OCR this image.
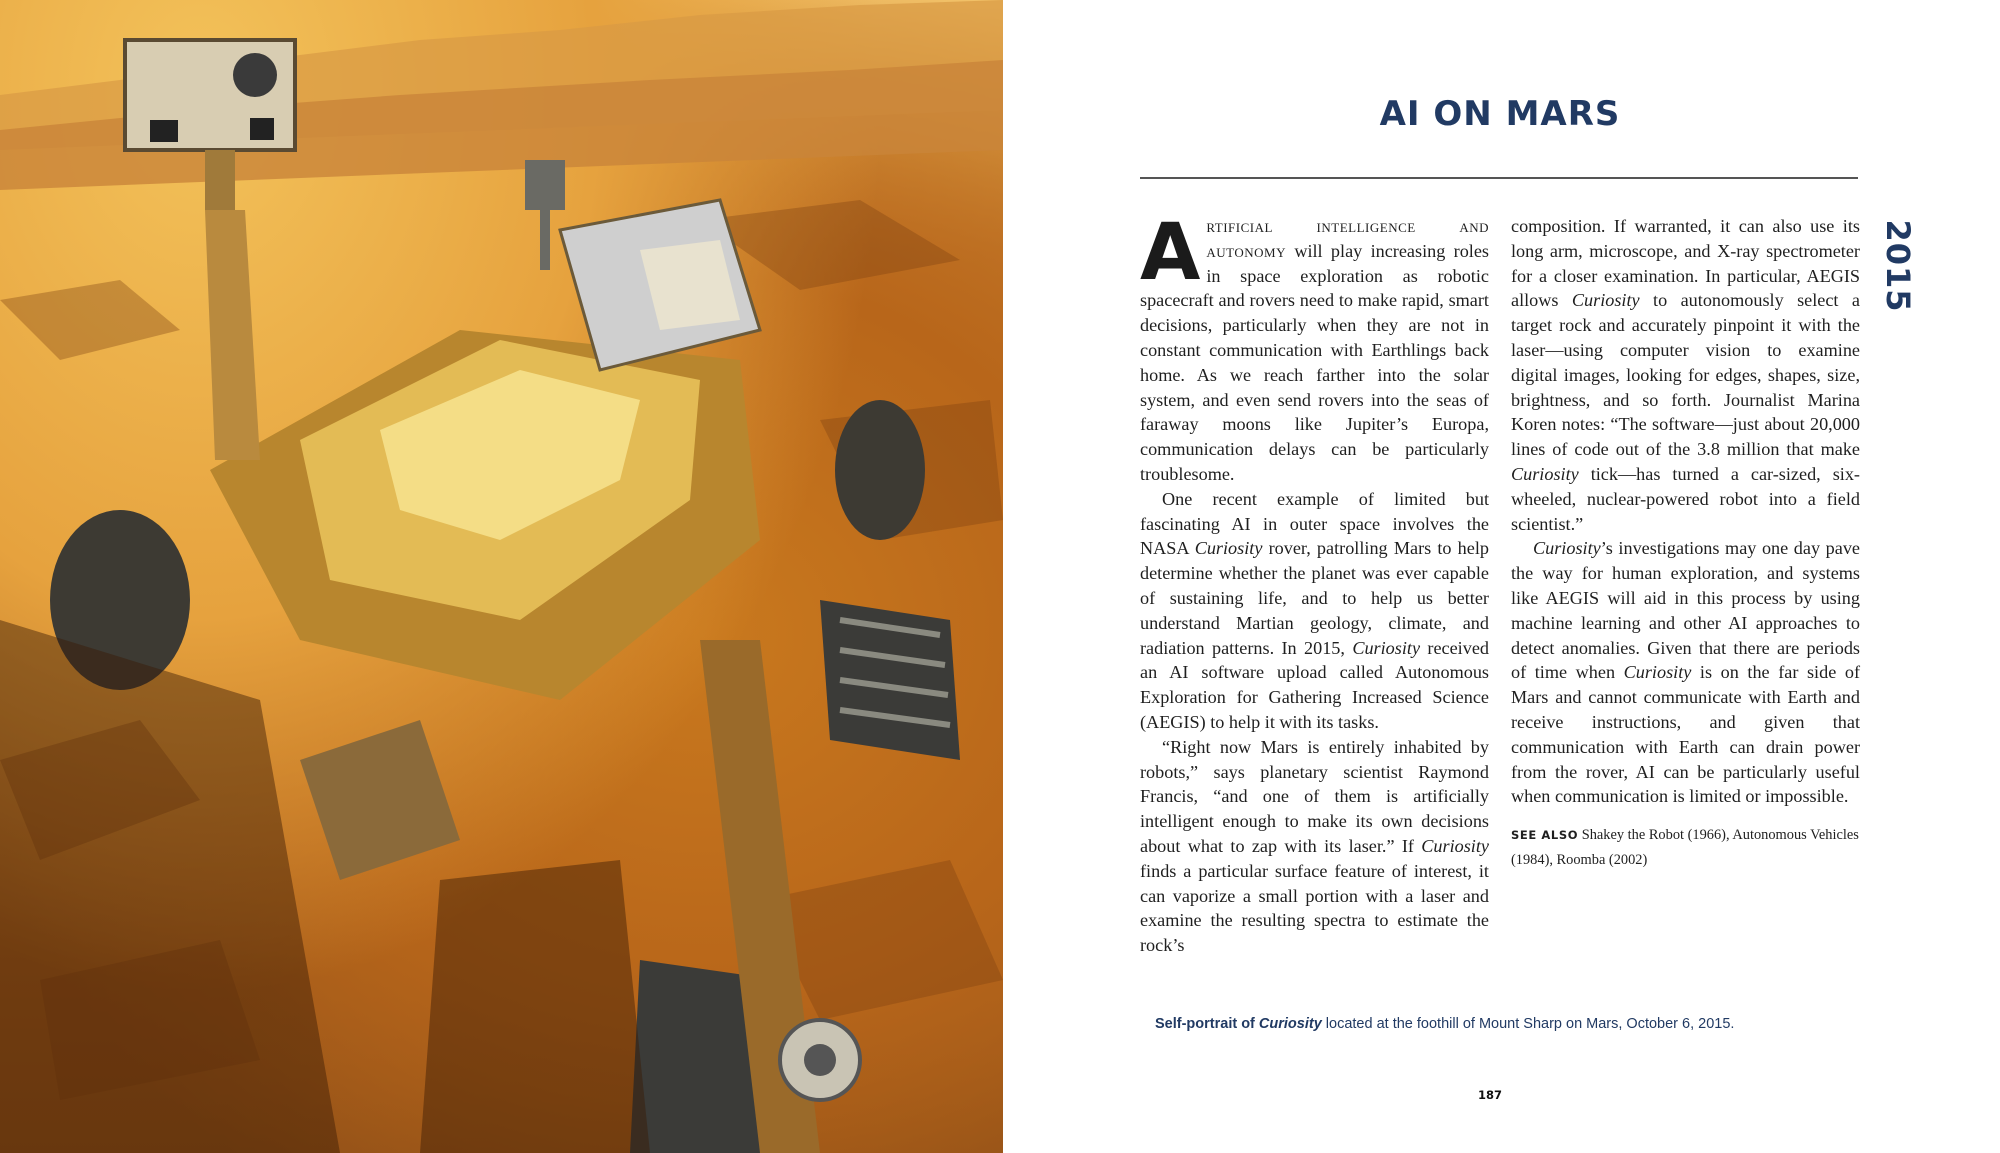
AI ON MARS
2015

Artificial intelligence and autonomy will play increasing roles in space exploration as robotic spacecraft and rovers need to make rapid, smart decisions, particularly when they are not in constant communication with Earthlings back home. As we reach farther into the solar system, and even send rovers into the seas of faraway moons like Jupiter’s Europa, communication delays can be particularly troublesome.

One recent example of limited but fascinating AI in outer space involves the NASA Curiosity rover, patrolling Mars to help determine whether the planet was ever capable of sustaining life, and to help us better understand Martian geology, climate, and radiation patterns. In 2015, Curiosity received an AI software upload called Autonomous Exploration for Gathering Increased Science (AEGIS) to help it with its tasks.

“Right now Mars is entirely inhabited by robots,” says planetary scientist Raymond Francis, “and one of them is artificially intelligent enough to make its own decisions about what to zap with its laser.” If Curiosity finds a particular surface feature of interest, it can vaporize a small portion with a laser and examine the resulting spectra to estimate the rock’s

composition. If warranted, it can also use its long arm, microscope, and X-ray spectrometer for a closer examination. In particular, AEGIS allows Curiosity to autonomously select a target rock and accurately pinpoint it with the laser—using computer vision to examine digital images, looking for edges, shapes, size, brightness, and so forth. Journalist Marina Koren notes: “The software—just about 20,000 lines of code out of the 3.8 million that make Curiosity tick—has turned a car-sized, six-wheeled, nuclear-powered robot into a field scientist.”

Curiosity’s investigations may one day pave the way for human exploration, and systems like AEGIS will aid in this process by using machine learning and other AI approaches to detect anomalies. Given that there are periods of time when Curiosity is on the far side of Mars and cannot communicate with Earth and receive instructions, and given that communication with Earth can drain power from the rover, AI can be particularly useful when communication is limited or impossible.

SEE ALSO Shakey the Robot (1966), Autonomous Vehicles (1984), Roomba (2002)

Self-portrait of Curiosity located at the foothill of Mount Sharp on Mars, October 6, 2015.
187
